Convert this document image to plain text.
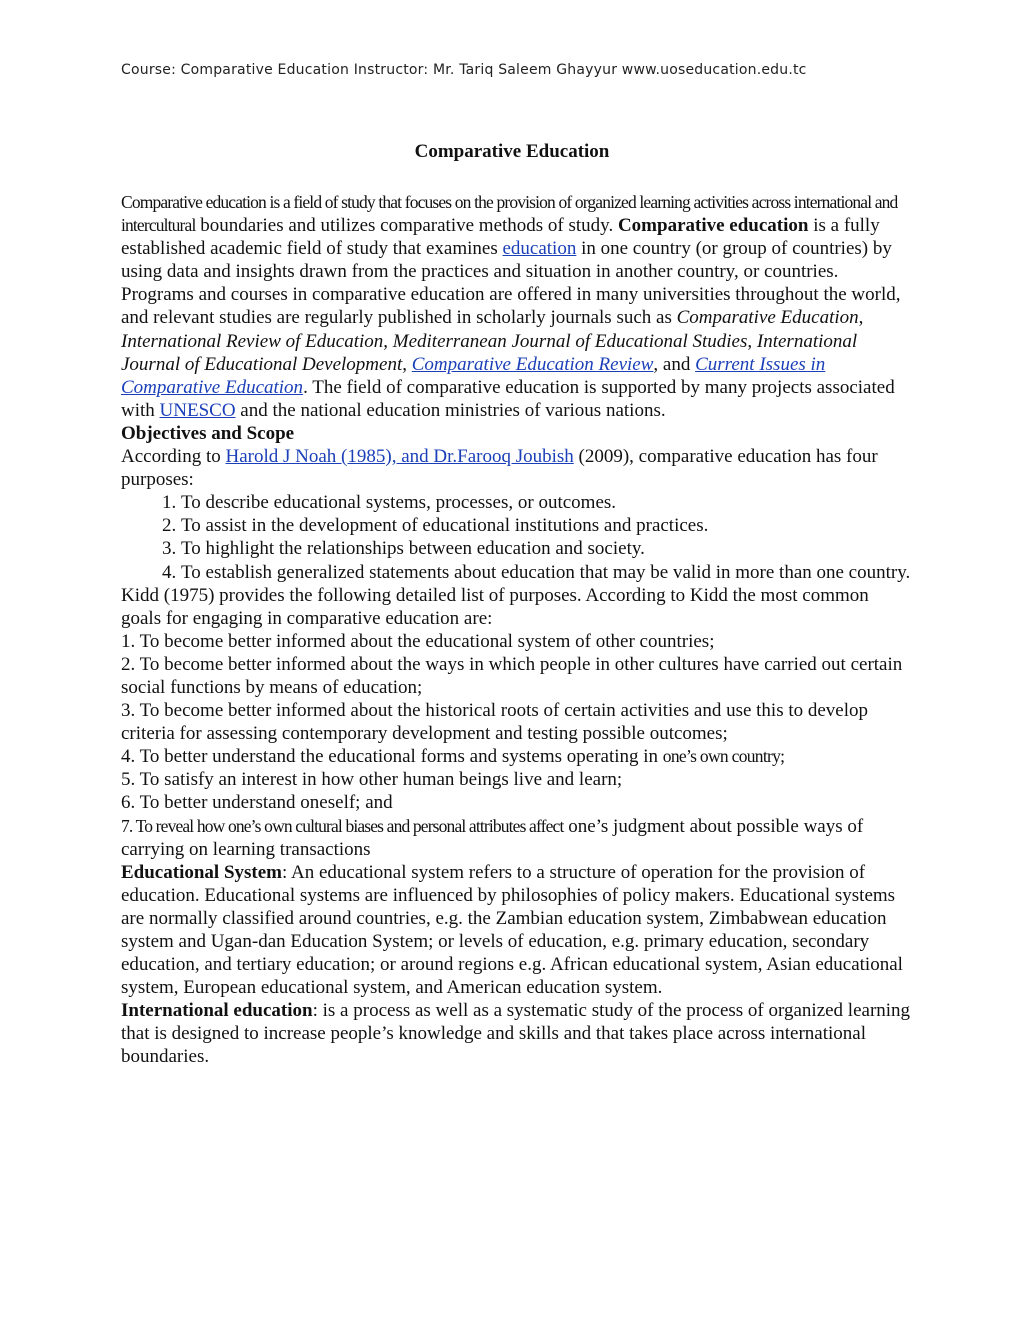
Course: Comparative Education Instructor: Mr. Tariq Saleem Ghayyur www.uoseducation.edu.tc
Comparative Education

Comparative education is a field of study that focuses on the provision of organized learning activities across international and intercultural boundaries and utilizes comparative methods of study. Comparative education is a fully established academic field of study that examines education in one country (or group of countries) by using data and insights drawn from the practices and situation in another country, or countries. Programs and courses in comparative education are offered in many universities throughout the world, and relevant studies are regularly published in scholarly journals such as Comparative Education, International Review of Education, Mediterranean Journal of Educational Studies, International Journal of Educational Development, Comparative Education Review, and Current Issues in Comparative Education. The field of comparative education is supported by many projects associated with UNESCO and the national education ministries of various nations.

Objectives and Scope

According to Harold J Noah (1985), and Dr.Farooq Joubish (2009), comparative education has four purposes:

1. To describe educational systems, processes, or outcomes.
2. To assist in the development of educational institutions and practices.
3. To highlight the relationships between education and society.
4. To establish generalized statements about education that may be valid in more than one country.

Kidd (1975) provides the following detailed list of purposes. According to Kidd the most common goals for engaging in comparative education are:

1. To become better informed about the educational system of other countries;

2. To become better informed about the ways in which people in other cultures have carried out certain social functions by means of education;

3. To become better informed about the historical roots of certain activities and use this to develop criteria for assessing contemporary development and testing possible outcomes;

4. To better understand the educational forms and systems operating in one’s own country;

5. To satisfy an interest in how other human beings live and learn;

6. To better understand oneself; and

7. To reveal how one’s own cultural biases and personal attributes affect one’s judgment about possible ways of carrying on learning transactions

Educational System: An educational system refers to a structure of operation for the provision of education. Educational systems are influenced by philosophies of policy makers. Educational systems are normally classified around countries, e.g. the Zambian education system, Zimbabwean education system and Ugan-dan Education System; or levels of education, e.g. primary education, secondary education, and tertiary education; or around regions e.g. African educational system, Asian educational system, European educational system, and American education system.

International education: is a process as well as a systematic study of the process of organized learning that is designed to increase people’s knowledge and skills and that takes place across international boundaries.
